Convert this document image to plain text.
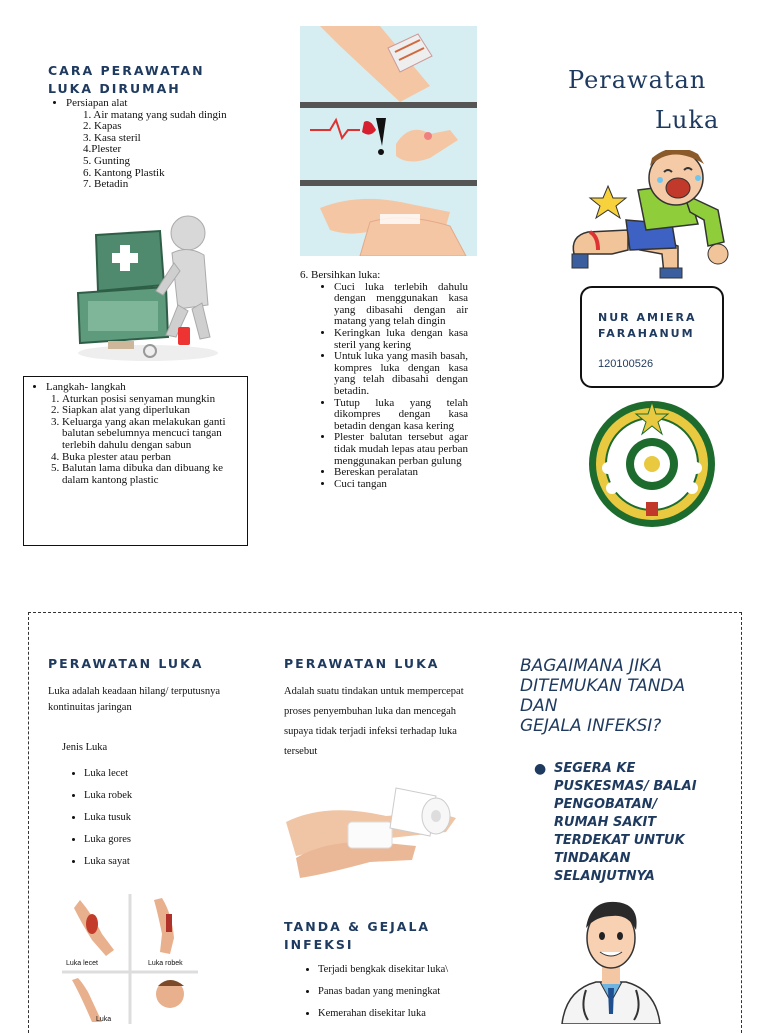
CARA PERAWATAN LUKA DIRUMAH

• Persiapan alat
1. Air matang yang sudah dingin
2. Kapas
3. Kasa steril
4.Plester
5. Gunting
6. Kantong Plastik
7. Betadin
• Langkah- langkah
1. Aturkan posisi senyaman mungkin
2. Siapkan alat yang diperlukan
3. Keluarga yang akan melakukan ganti balutan sebelumnya mencuci tangan terlebih dahulu dengan sabun
4. Buka plester atau perban
5. Balutan lama dibuka dan dibuang ke dalam kantong plastic
6. Bersihkan luka:
• Cuci luka terlebih dahulu dengan menggunakan kasa yang dibasahi dengan air matang yang telah dingin
• Keringkan luka dengan kasa steril yang kering
• Untuk luka yang masih basah, kompres luka dengan kasa yang telah dibasahi dengan betadin.
• Tutup luka yang telah dikompres dengan kasa betadin dengan kasa kering
• Plester balutan tersebut agar tidak mudah lepas atau perban menggunakan perban gulung
• Bereskan peralatan
• Cuci tangan
Perawatan
Luka
NUR AMIERA
FARAHANUM
120100526

PERAWATAN LUKA

Luka adalah keadaan hilang/ terputusnya kontinuitas jaringan
Jenis Luka
• Luka lecet
• Luka robek
• Luka tusuk
• Luka gores
• Luka sayat
Luka lecet	Luka robek
Luka

PERAWATAN LUKA

Adalah suatu tindakan untuk mempercepat proses penyembuhan luka dan mencegah supaya tidak terjadi infeksi terhadap luka tersebut

TANDA & GEJALA INFEKSI

• Terjadi bengkak disekitar luka\
• Panas badan yang meningkat
• Kemerahan disekitar luka
BAGAIMANA JIKA
DITEMUKAN TANDA
DAN
GEJALA INFEKSI?
● SEGERA KE PUSKESMAS/ BALAI PENGOBATAN/ RUMAH SAKIT TERDEKAT UNTUK TINDAKAN SELANJUTNYA
